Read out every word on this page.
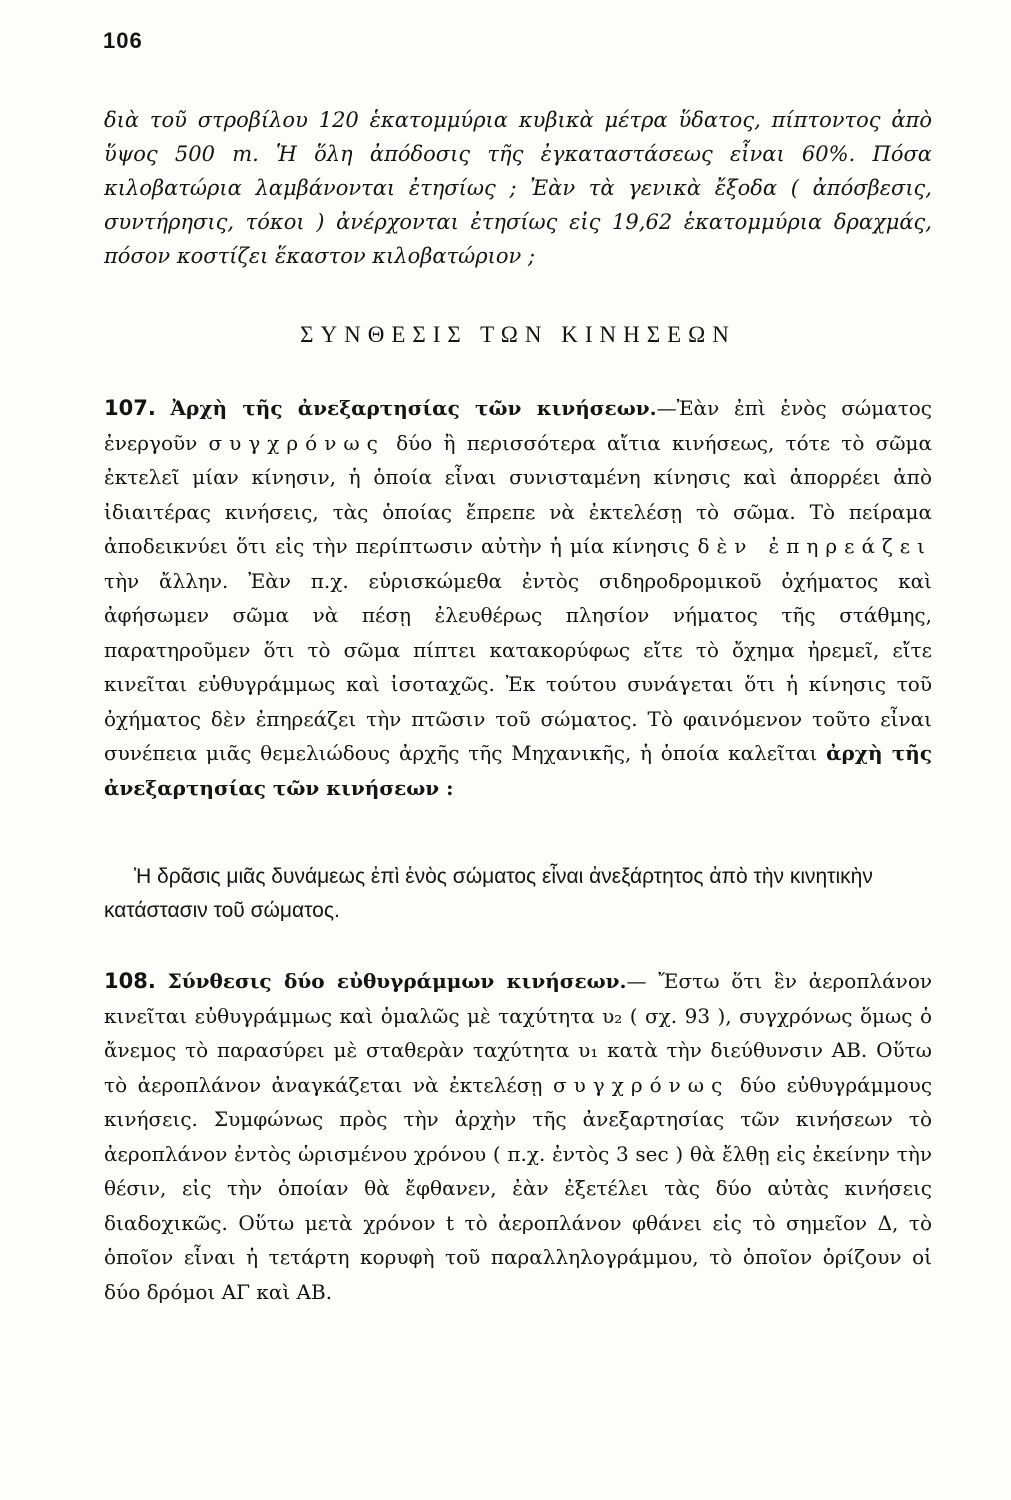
106

διὰ τοῦ στροβίλου 120 ἑκατομμύρια κυβικὰ μέτρα ὕδατος, πίπτοντος ἀπὸ ὕψος 500 m. Ἡ ὅλη ἀπόδοσις τῆς ἐγκαταστάσεως εἶναι 60%. Πόσα κιλοβατώρια λαμβάνονται ἐτησίως ; Ἐὰν τὰ γενικὰ ἔξοδα ( ἀπόσβεσις, συντήρησις, τόκοι ) ἀνέρχονται ἐτησίως εἰς 19,62 ἑκατομμύρια δραχμάς, πόσον κοστίζει ἕκαστον κιλοβατώριον ;

ΣΥΝΘΕΣΙΣ ΤΩΝ ΚΙΝΗΣΕΩΝ

107. Ἀρχὴ τῆς ἀνεξαρτησίας τῶν κινήσεων.—Ἐὰν ἐπὶ ἑνὸς σώματος ἐνεργοῦν συγχρόνως δύο ἢ περισσότερα αἴτια κινήσεως, τότε τὸ σῶμα ἐκτελεῖ μίαν κίνησιν, ἡ ὁποία εἶναι συνισταμένη κίνησις καὶ ἀπορρέει ἀπὸ ἰδιαιτέρας κινήσεις, τὰς ὁποίας ἔπρεπε νὰ ἐκτελέσῃ τὸ σῶμα. Τὸ πείραμα ἀποδεικνύει ὅτι εἰς τὴν περίπτωσιν αὐτὴν ἡ μία κίνησις δὲν ἐπηρεάζει τὴν ἄλλην. Ἐὰν π.χ. εὑρισκώμεθα ἐντὸς σιδηροδρομικοῦ ὀχήματος καὶ ἀφήσωμεν σῶμα νὰ πέσῃ ἐλευθέρως πλησίον νήματος τῆς στάθμης, παρατηροῦμεν ὅτι τὸ σῶμα πίπτει κατακορύφως εἴτε τὸ ὄχημα ἠρεμεῖ, εἴτε κινεῖται εὐθυγράμμως καὶ ἰσοταχῶς. Ἐκ τούτου συνάγεται ὅτι ἡ κίνησις τοῦ ὀχήματος δὲν ἐπηρεάζει τὴν πτῶσιν τοῦ σώματος. Τὸ φαινόμενον τοῦτο εἶναι συνέπεια μιᾶς θεμελιώδους ἀρχῆς τῆς Μηχανικῆς, ἡ ὁποία καλεῖται ἀρχὴ τῆς ἀνεξαρτησίας τῶν κινήσεων :

Ἡ δρᾶσις μιᾶς δυνάμεως ἐπὶ ἑνὸς σώματος εἶναι ἀνεξάρτητος ἀπὸ τὴν κινητικὴν κατάστασιν τοῦ σώματος.

108. Σύνθεσις δύο εὐθυγράμμων κινήσεων.— Ἔστω ὅτι ἓν ἀεροπλάνον κινεῖται εὐθυγράμμως καὶ ὁμαλῶς μὲ ταχύτητα υ₂ ( σχ. 93 ), συγχρόνως ὅμως ὁ ἄνεμος τὸ παρασύρει μὲ σταθερὰν ταχύτητα υ₁ κατὰ τὴν διεύθυνσιν ΑΒ. Οὕτω τὸ ἀεροπλάνον ἀναγκάζεται νὰ ἐκτελέσῃ συγχρόνως δύο εὐθυγράμμους κινήσεις. Συμφώνως πρὸς τὴν ἀρχὴν τῆς ἀνεξαρτησίας τῶν κινήσεων τὸ ἀεροπλάνον ἐντὸς ὡρισμένου χρόνου ( π.χ. ἐντὸς 3 sec ) θὰ ἔλθῃ εἰς ἐκείνην τὴν θέσιν, εἰς τὴν ὁποίαν θὰ ἔφθανεν, ἐὰν ἐξετέλει τὰς δύο αὐτὰς κινήσεις διαδοχικῶς. Οὕτω μετὰ χρόνον t τὸ ἀεροπλάνον φθάνει εἰς τὸ σημεῖον Δ, τὸ ὁποῖον εἶναι ἡ τετάρτη κορυφὴ τοῦ παραλληλογράμμου, τὸ ὁποῖον ὁρίζουν οἱ δύο δρόμοι ΑΓ καὶ ΑΒ.
